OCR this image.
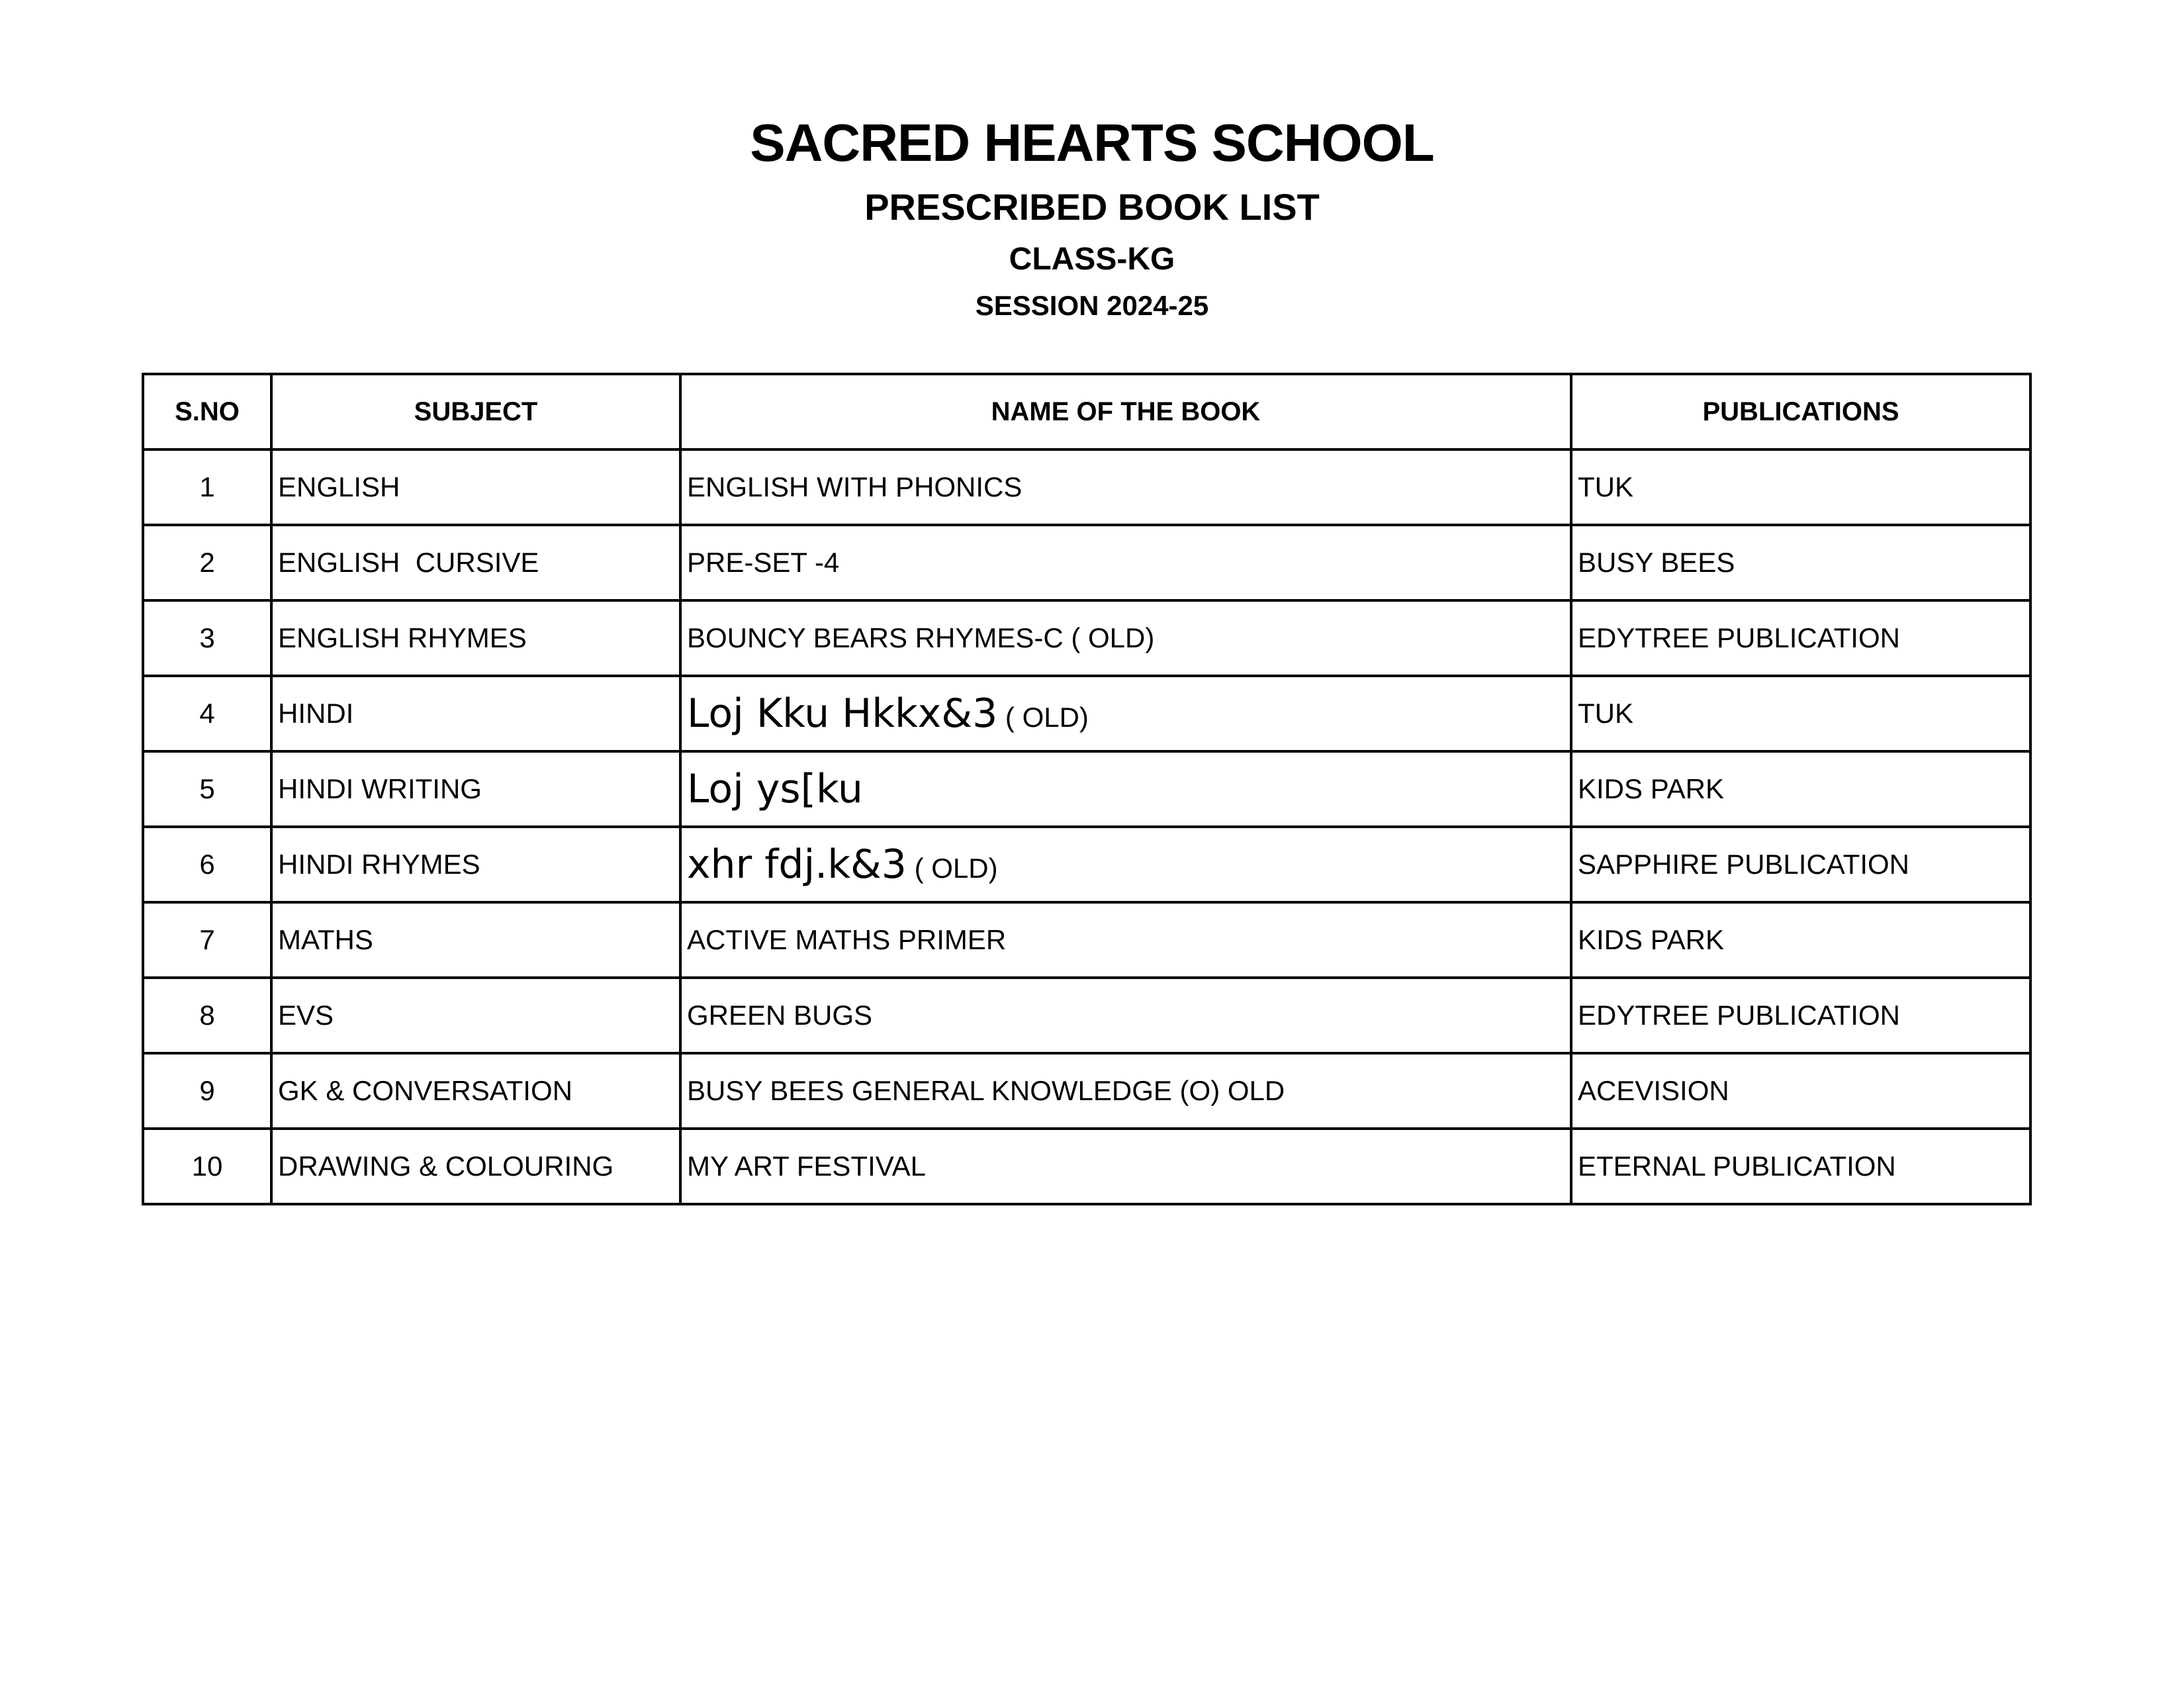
SACRED HEARTS SCHOOL
PRESCRIBED BOOK LIST
CLASS-KG
SESSION 2024-25
S.NO	SUBJECT	NAME OF THE BOOK	PUBLICATIONS
1	ENGLISH	ENGLISH WITH PHONICS	TUK
2	ENGLISH  CURSIVE	PRE-SET -4	BUSY BEES
3	ENGLISH RHYMES	BOUNCY BEARS RHYMES-C ( OLD)	EDYTREE PUBLICATION
4	HINDI	Loj Kku Hkkx&3 ( OLD)	TUK
5	HINDI WRITING	Loj ys[ku	KIDS PARK
6	HINDI RHYMES	xhr fdj.k&3 ( OLD)	SAPPHIRE PUBLICATION
7	MATHS	ACTIVE MATHS PRIMER	KIDS PARK
8	EVS	GREEN BUGS	EDYTREE PUBLICATION
9	GK & CONVERSATION	BUSY BEES GENERAL KNOWLEDGE (O) OLD	ACEVISION
10	DRAWING & COLOURING	MY ART FESTIVAL	ETERNAL PUBLICATION
